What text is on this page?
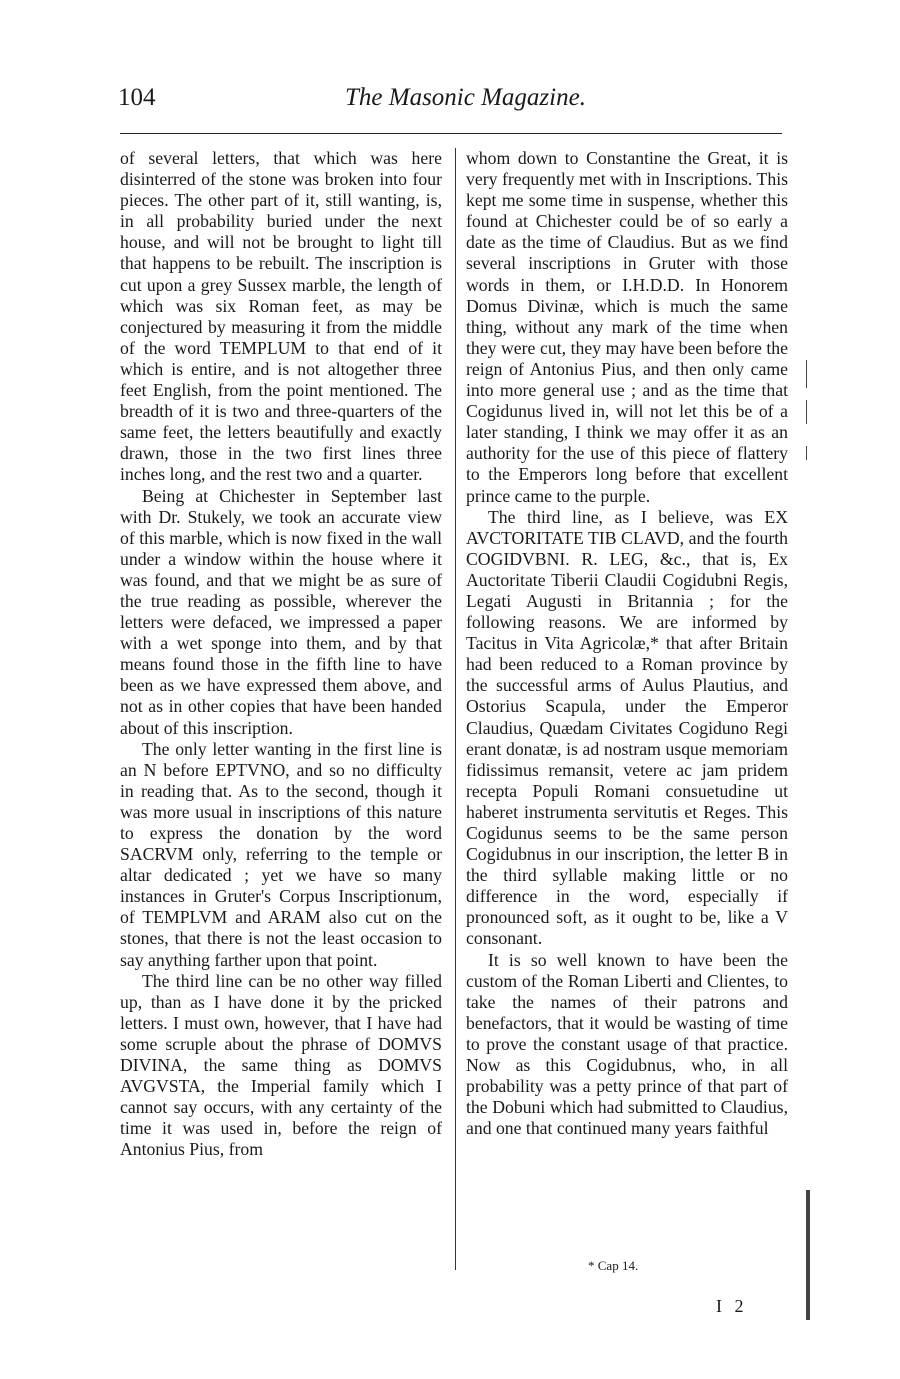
104	The Masonic Magazine.

of several letters, that which was here disinterred of the stone was broken into four pieces. The other part of it, still wanting, is, in all probability buried under the next house, and will not be brought to light till that happens to be rebuilt. The inscription is cut upon a grey Sussex marble, the length of which was six Roman feet, as may be conjectured by measuring it from the middle of the word TEMPLUM to that end of it which is entire, and is not altogether three feet English, from the point mentioned. The breadth of it is two and three-quarters of the same feet, the letters beautifully and exactly drawn, those in the two first lines three inches long, and the rest two and a quarter.

Being at Chichester in September last with Dr. Stukely, we took an accurate view of this marble, which is now fixed in the wall under a window within the house where it was found, and that we might be as sure of the true reading as possible, wherever the letters were defaced, we impressed a paper with a wet sponge into them, and by that means found those in the fifth line to have been as we have expressed them above, and not as in other copies that have been handed about of this inscription.

The only letter wanting in the first line is an N before EPTVNO, and so no difficulty in reading that. As to the second, though it was more usual in inscriptions of this nature to express the donation by the word SACRVM only, referring to the temple or altar dedicated ; yet we have so many instances in Gruter's Corpus Inscriptionum, of TEMPLVM and ARAM also cut on the stones, that there is not the least occasion to say anything farther upon that point.

The third line can be no other way filled up, than as I have done it by the pricked letters. I must own, however, that I have had some scruple about the phrase of DOMVS DIVINA, the same thing as DOMVS AVGVSTA, the Imperial family which I cannot say occurs, with any certainty of the time it was used in, before the reign of Antonius Pius, from

whom down to Constantine the Great, it is very frequently met with in Inscriptions. This kept me some time in suspense, whether this found at Chichester could be of so early a date as the time of Claudius. But as we find several inscriptions in Gruter with those words in them, or I.H.D.D. In Honorem Domus Divinæ, which is much the same thing, without any mark of the time when they were cut, they may have been before the reign of Antonius Pius, and then only came into more general use ; and as the time that Cogidunus lived in, will not let this be of a later standing, I think we may offer it as an authority for the use of this piece of flattery to the Emperors long before that excellent prince came to the purple.

The third line, as I believe, was EX AVCTORITATE TIB CLAVD, and the fourth COGIDVBNI. R. LEG, &c., that is, Ex Auctoritate Tiberii Claudii Cogidubni Regis, Legati Augusti in Britannia ; for the following reasons. We are informed by Tacitus in Vita Agricolæ,* that after Britain had been reduced to a Roman province by the successful arms of Aulus Plautius, and Ostorius Scapula, under the Emperor Claudius, Quædam Civitates Cogiduno Regi erant donatæ, is ad nostram usque memoriam fidissimus remansit, vetere ac jam pridem recepta Populi Romani consuetudine ut haberet instrumenta servitutis et Reges. This Cogidunus seems to be the same person Cogidubnus in our inscription, the letter B in the third syllable making little or no difference in the word, especially if pronounced soft, as it ought to be, like a V consonant.

It is so well known to have been the custom of the Roman Liberti and Clientes, to take the names of their patrons and benefactors, that it would be wasting of time to prove the constant usage of that practice. Now as this Cogidubnus, who, in all probability was a petty prince of that part of the Dobuni which had submitted to Claudius, and one that continued many years faithful

* Cap 14.
I 2
